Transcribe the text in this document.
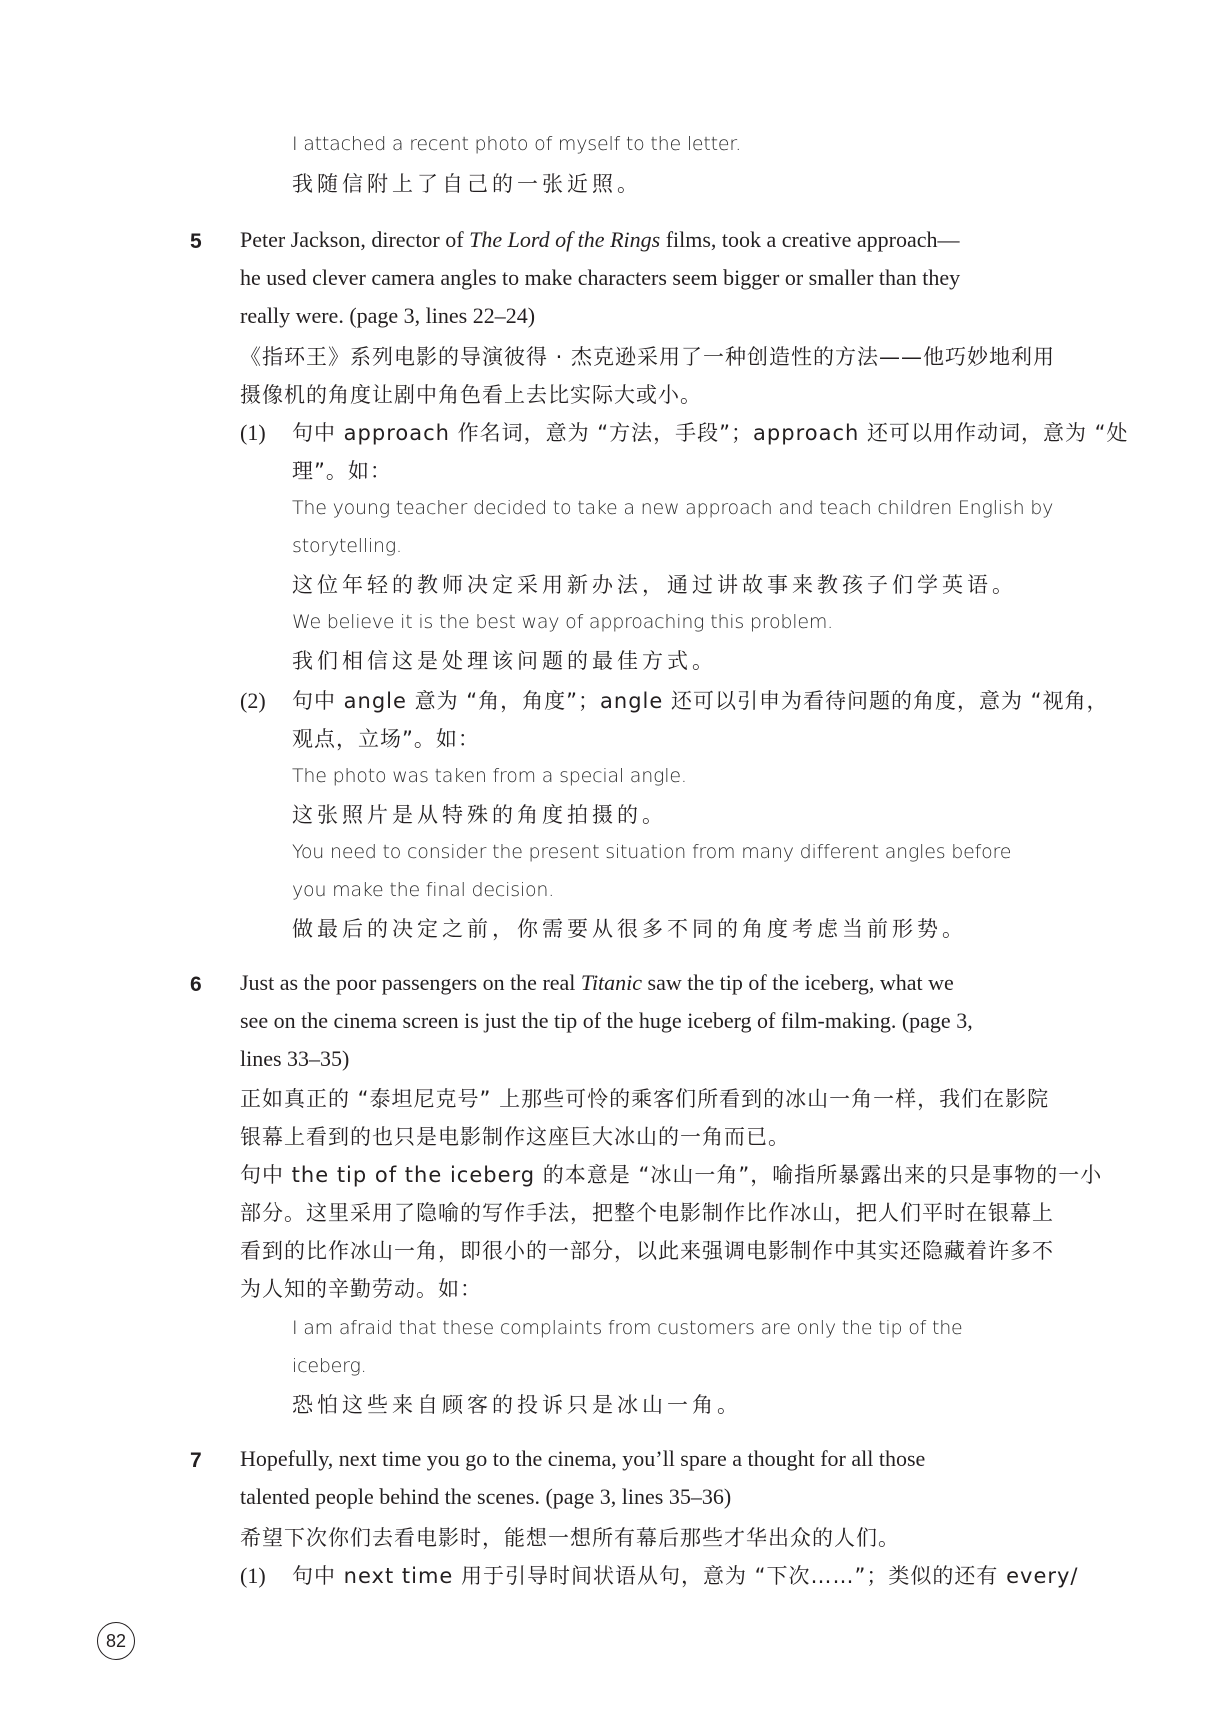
I attached a recent photo of myself to the letter.
我随信附上了自己的一张近照。
5 Peter Jackson, director of The Lord of the Rings films, took a creative approach—
he used clever camera angles to make characters seem bigger or smaller than they
really were. (page 3, lines 22–24)
《指环王》系列电影的导演彼得 · 杰克逊采用了一种创造性的方法——他巧妙地利用
摄像机的角度让剧中角色看上去比实际大或小。
(1) 句中 approach 作名词，意为 “方法，手段”；approach 还可以用作动词，意为 “处
理”。如：
The young teacher decided to take a new approach and teach children English by
storytelling.
这位年轻的教师决定采用新办法，通过讲故事来教孩子们学英语。
We believe it is the best way of approaching this problem.
我们相信这是处理该问题的最佳方式。
(2) 句中 angle 意为 “角，角度”；angle 还可以引申为看待问题的角度，意为 “视角，
观点，立场”。如：
The photo was taken from a special angle.
这张照片是从特殊的角度拍摄的。
You need to consider the present situation from many different angles before
you make the final decision.
做最后的决定之前，你需要从很多不同的角度考虑当前形势。
6 Just as the poor passengers on the real Titanic saw the tip of the iceberg, what we
see on the cinema screen is just the tip of the huge iceberg of film-making. (page 3,
lines 33–35)
正如真正的 “泰坦尼克号” 上那些可怜的乘客们所看到的冰山一角一样，我们在影院
银幕上看到的也只是电影制作这座巨大冰山的一角而已。
句中 the tip of the iceberg 的本意是 “冰山一角”，喻指所暴露出来的只是事物的一小
部分。这里采用了隐喻的写作手法，把整个电影制作比作冰山，把人们平时在银幕上
看到的比作冰山一角，即很小的一部分，以此来强调电影制作中其实还隐藏着许多不
为人知的辛勤劳动。如：
I am afraid that these complaints from customers are only the tip of the
iceberg.
恐怕这些来自顾客的投诉只是冰山一角。
7 Hopefully, next time you go to the cinema, you’ll spare a thought for all those
talented people behind the scenes. (page 3, lines 35–36)
希望下次你们去看电影时，能想一想所有幕后那些才华出众的人们。
(1) 句中 next time 用于引导时间状语从句，意为 “下次……”；类似的还有 every/
82
